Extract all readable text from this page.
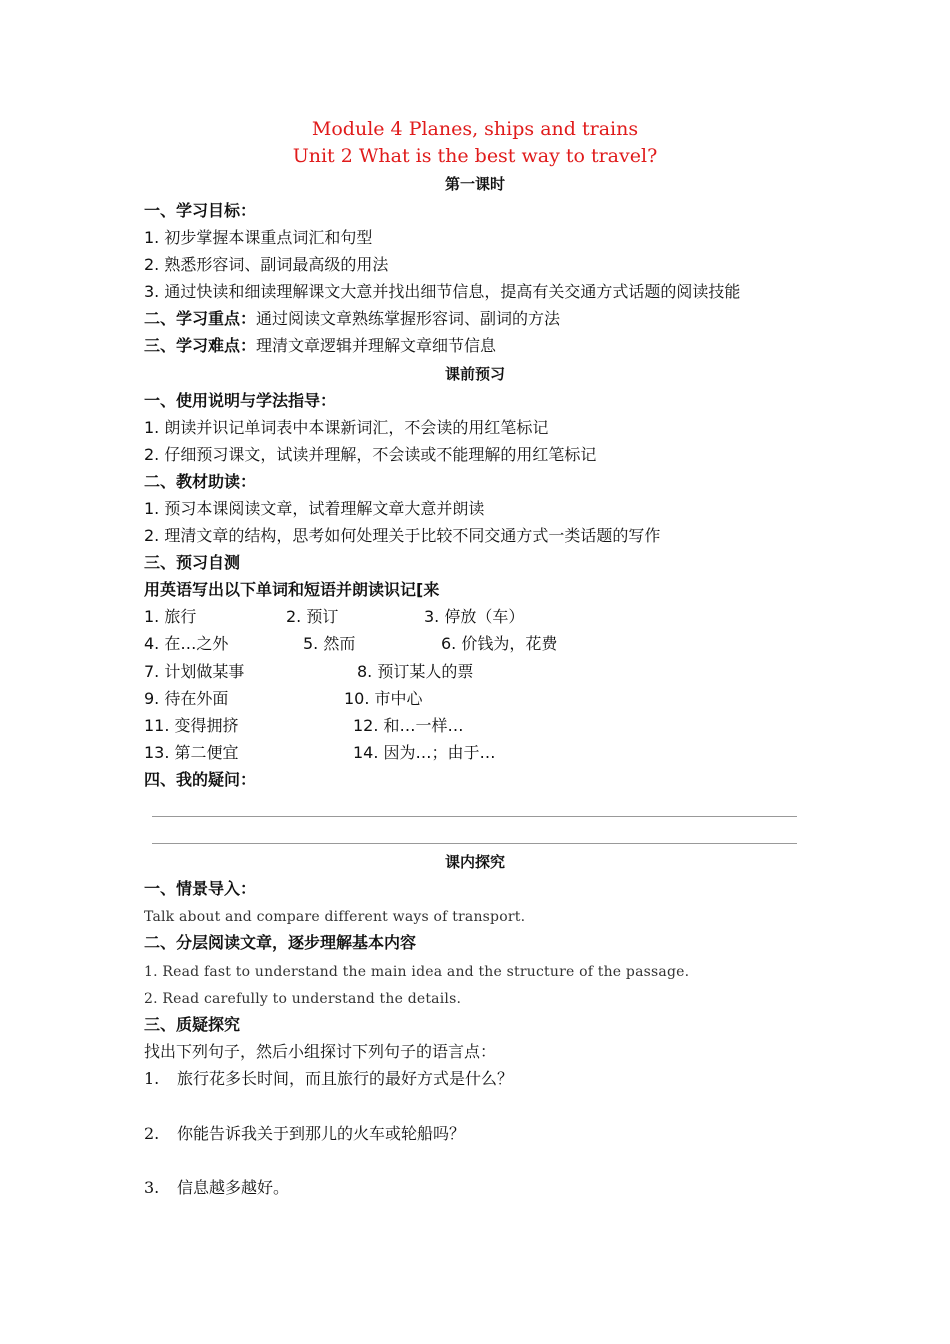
Module 4 Planes, ships and trains
Unit 2 What is the best way to travel?
第一课时
一、学习目标：
1. 初步掌握本课重点词汇和句型
2. 熟悉形容词、副词最高级的用法
3. 通过快读和细读理解课文大意并找出细节信息，提高有关交通方式话题的阅读技能
二、学习重点：通过阅读文章熟练掌握形容词、副词的方法
三、学习难点：理清文章逻辑并理解文章细节信息
课前预习
一、使用说明与学法指导：
1. 朗读并识记单词表中本课新词汇，不会读的用红笔标记
2. 仔细预习课文，试读并理解，不会读或不能理解的用红笔标记
二、教材助读：
1. 预习本课阅读文章，试着理解文章大意并朗读
2. 理清文章的结构，思考如何处理关于比较不同交通方式一类话题的写作
三、预习自测
用英语写出以下单词和短语并朗读识记[来
1. 旅行	2. 预订	3. 停放（车）
4. 在…之外	5. 然而	6. 价钱为，花费
7. 计划做某事	8. 预订某人的票
9. 待在外面	10. 市中心
11. 变得拥挤	12. 和…一样…
13. 第二便宜	14. 因为…；由于…
四、我的疑问：
课内探究
一、情景导入：
Talk about and compare different ways of transport.
二、分层阅读文章，逐步理解基本内容
1. Read fast to understand the main idea and the structure of the passage.
2. Read carefully to understand the details.
三、质疑探究
找出下列句子，然后小组探讨下列句子的语言点：
1. 旅行花多长时间，而且旅行的最好方式是什么？
2. 你能告诉我关于到那儿的火车或轮船吗？
3. 信息越多越好。
